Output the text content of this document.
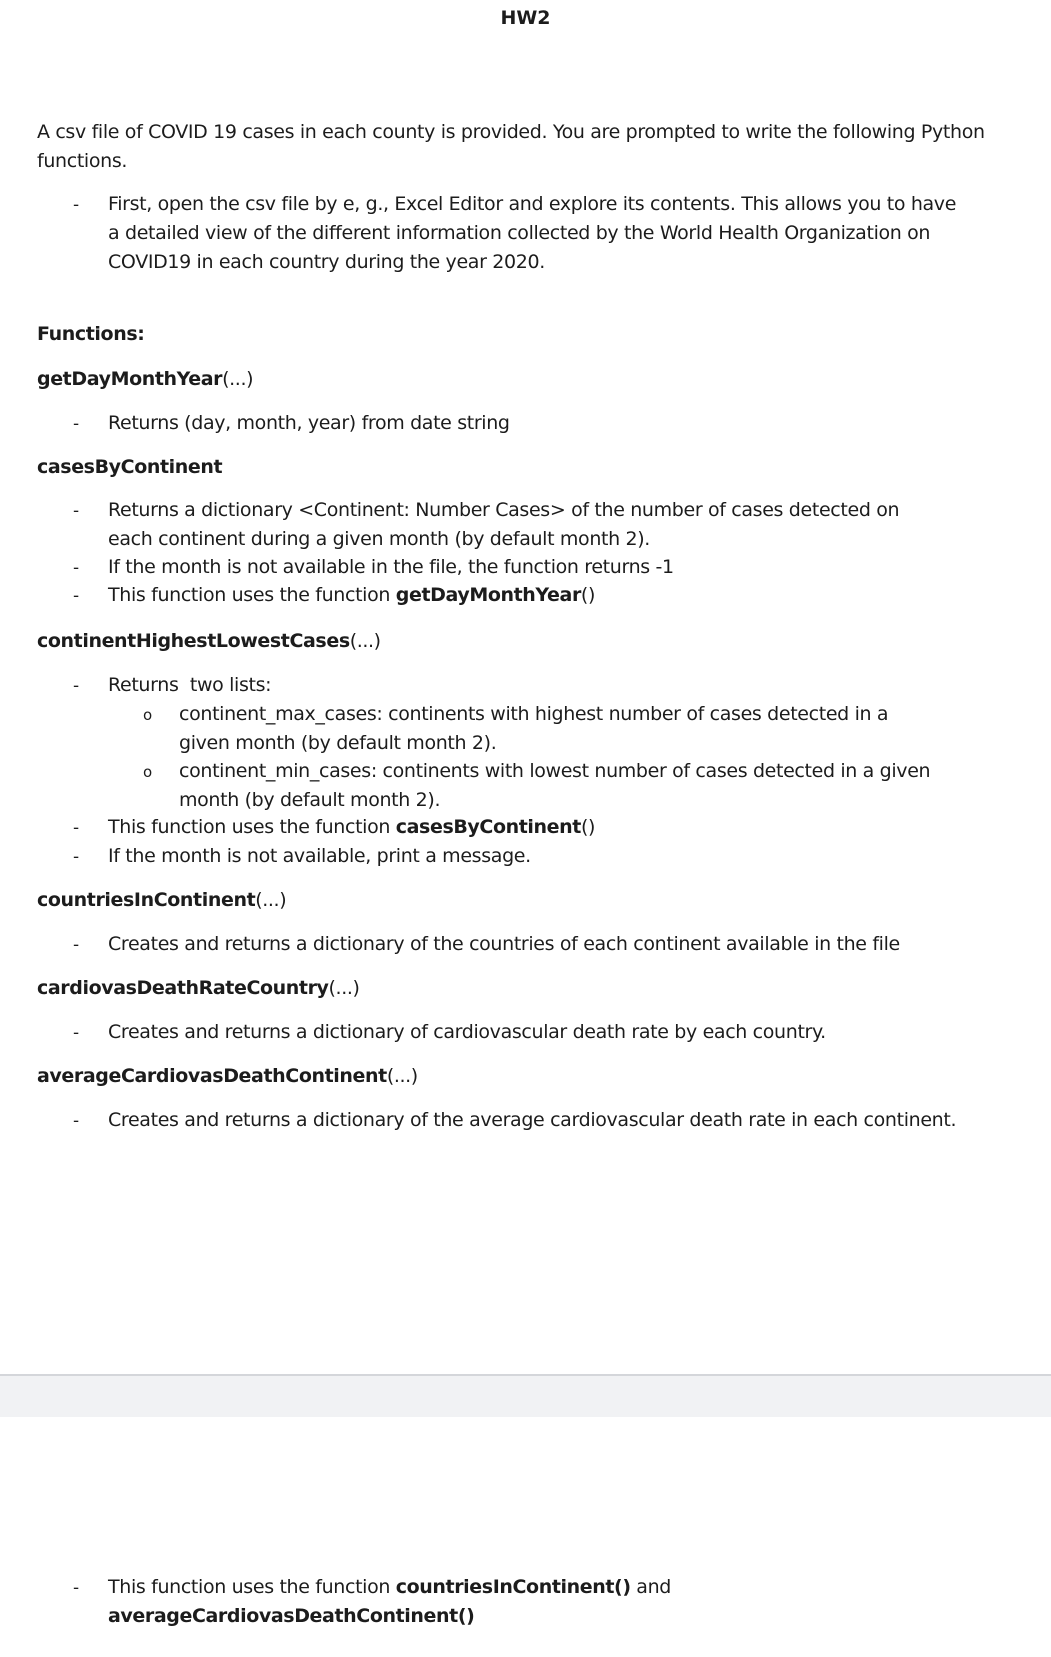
HW2

A csv file of COVID 19 cases in each county is provided. You are prompted to write the following Python functions.

- First, open the csv file by e, g., Excel Editor and explore its contents. This allows you to have a detailed view of the different information collected by the World Health Organization on COVID19 in each country during the year 2020.

Functions:
getDayMonthYear(...)
- Returns (day, month, year) from date string
casesByContinent
- Returns a dictionary <Continent: Number Cases> of the number of cases detected on each continent during a given month (by default month 2).
- If the month is not available in the file, the function returns -1
- This function uses the function getDayMonthYear()
continentHighestLowestCases(...)
- Returns  two lists:
o continent_max_cases: continents with highest number of cases detected in a given month (by default month 2).
o continent_min_cases: continents with lowest number of cases detected in a given month (by default month 2).
- This function uses the function casesByContinent()
- If the month is not available, print a message.
countriesInContinent(...)
- Creates and returns a dictionary of the countries of each continent available in the file
cardiovasDeathRateCountry(...)
- Creates and returns a dictionary of cardiovascular death rate by each country.
averageCardiovasDeathContinent(...)
- Creates and returns a dictionary of the average cardiovascular death rate in each continent.
- This function uses the function countriesInContinent() and
averageCardiovasDeathContinent()
